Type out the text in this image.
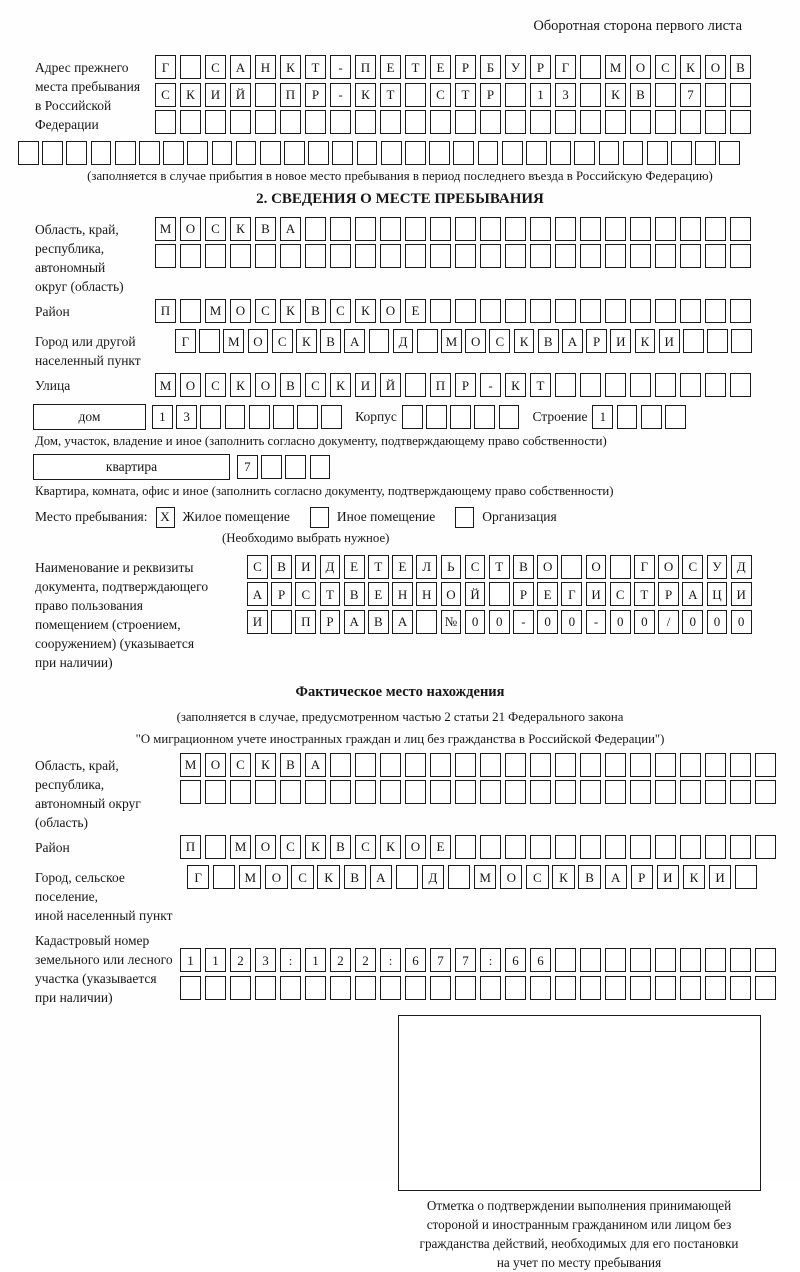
Оборотная сторона первого листа
Адрес прежнего
места пребывания
в Российской
Федерации
Г	С	А	Н	К	Т	-	П	Е	Т	Е	Р	Б	У	Р	Г	М	О	С	К	О	В
С	К	И	Й	П	Р	-	К	Т	С	Т	Р	1	3	К	В	7
(заполняется в случае прибытия в новое место пребывания в период последнего въезда в Российскую Федерацию)
2. СВЕДЕНИЯ О МЕСТЕ ПРЕБЫВАНИЯ
Область, край,
республика,
автономный
округ (область)
М	О	С	К	В	А
Район	П	М	О	С	К	В	С	К	О	Е
Город или другой
населенный пункт
Г	М	О	С	К	В	А	Д	М	О	С	К	В	А	Р	И	К	И
Улица	М	О	С	К	О	В	С	К	И	Й	П	Р	-	К	Т
дом	1	3	Корпус	Строение 1
Дом, участок, владение и иное (заполнить согласно документу, подтверждающему право собственности)
квартира	7
Квартира, комната, офис и иное (заполнить согласно документу, подтверждающему право собственности)
Место пребывания: X Жилое помещение	Иное помещение	Организация
(Необходимо выбрать нужное)
Наименование и реквизиты
документа, подтверждающего
право пользования
помещением (строением,
сооружением) (указывается
при наличии)
С	В	И	Д	Е	Т	Е	Л	Ь	С	Т	В	О	О	Г	О	С	У	Д
А	Р	С	Т	В	Е	Н	Н	О	Й	Р	Е	Г	И	С	Т	Р	А	Ц	И
И	П	Р	А	В	А	№	0	0	-	0	0	-	0	0	/	0	0	0
Фактическое место нахождения
(заполняется в случае, предусмотренном частью 2 статьи 21 Федерального закона
"О миграционном учете иностранных граждан и лиц без гражданства в Российской Федерации")
Область, край,
республика,
автономный округ
(область)
М	О	С	К	В	А
Район	П	М	О	С	К	В	С	К	О	Е
Город, сельское поселение,
иной населенный пункт
Г	М	О	С	К	В	А	Д	М	О	С	К	В	А	Р	И	К	И
Кадастровый номер
земельного или лесного
участка (указывается
при наличии)
1	1	2	3	:	1	2	2	:	6	7	7	:	6	6
Отметка о подтверждении выполнения принимающей
стороной и иностранным гражданином или лицом без
гражданства действий, необходимых для его постановки
на учет по месту пребывания
